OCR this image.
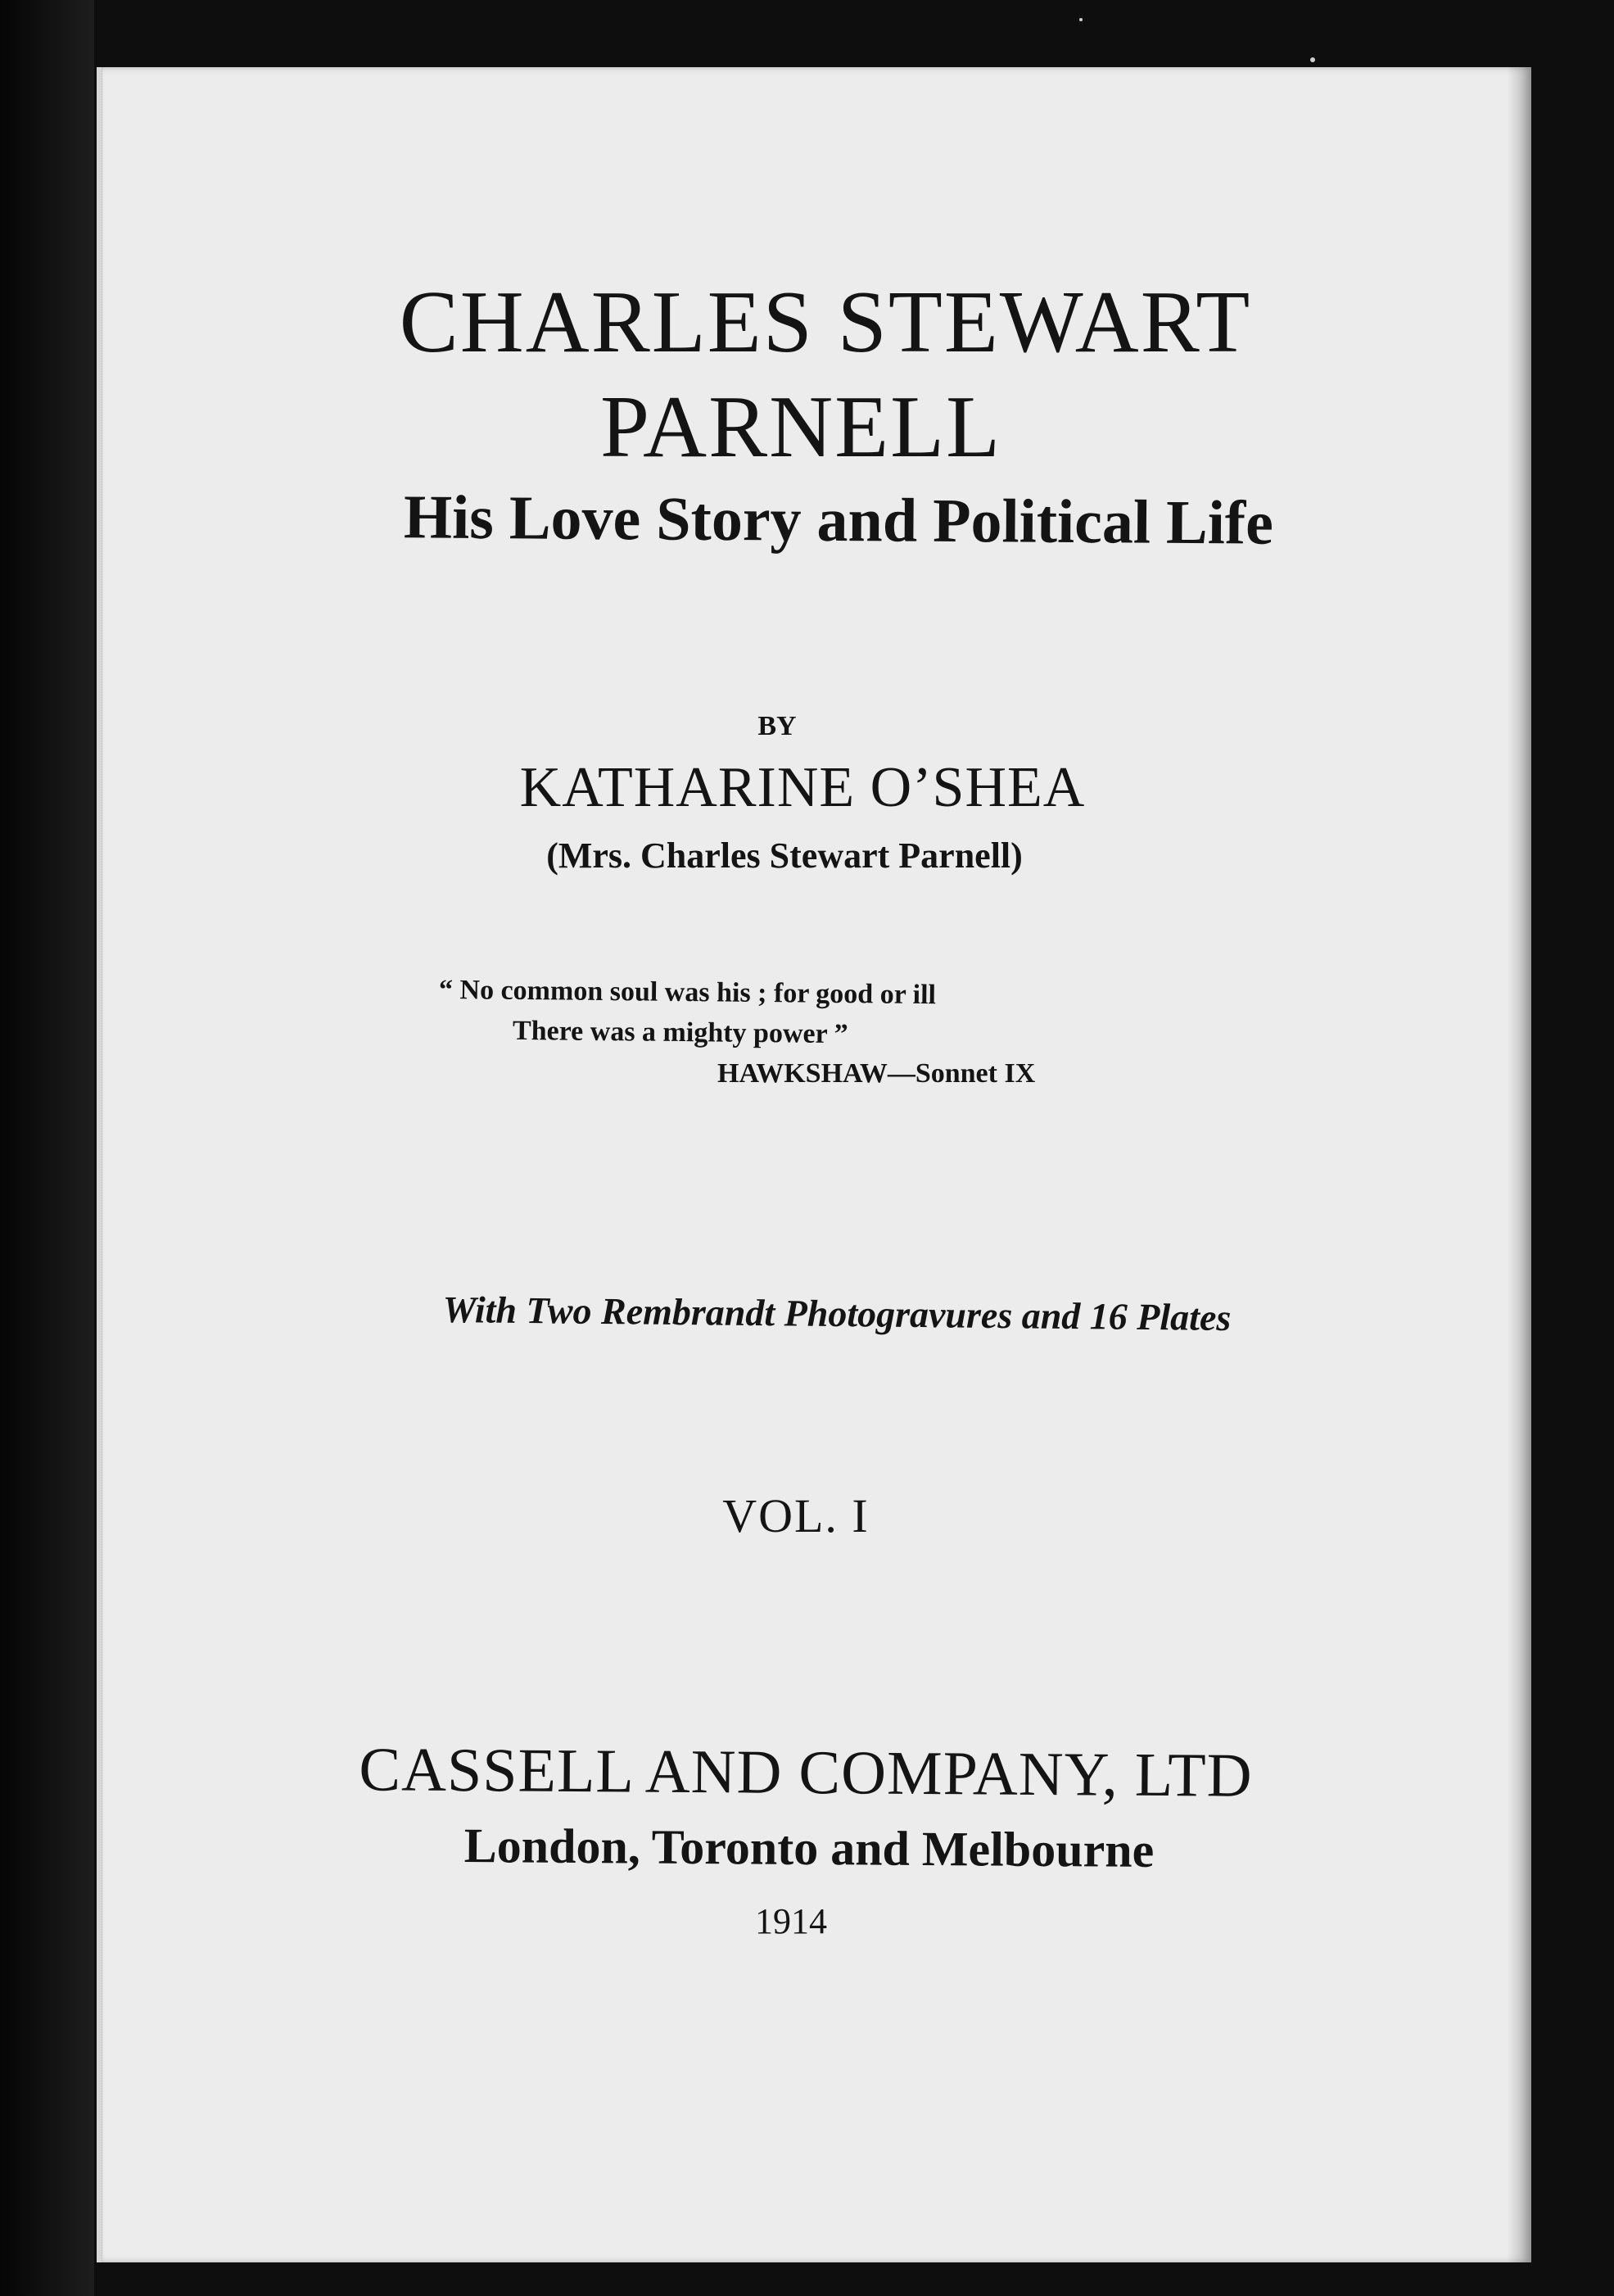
CHARLES STEWART
PARNELL
His Love Story and Political Life
BY
KATHARINE O’SHEA
(Mrs. Charles Stewart Parnell)
“ No common soul was his ; for good or ill
There was a mighty power ”
HAWKSHAW—Sonnet IX
With Two Rembrandt Photogravures and 16 Plates
VOL. I
CASSELL AND COMPANY, LTD
London, Toronto and Melbourne
1914
